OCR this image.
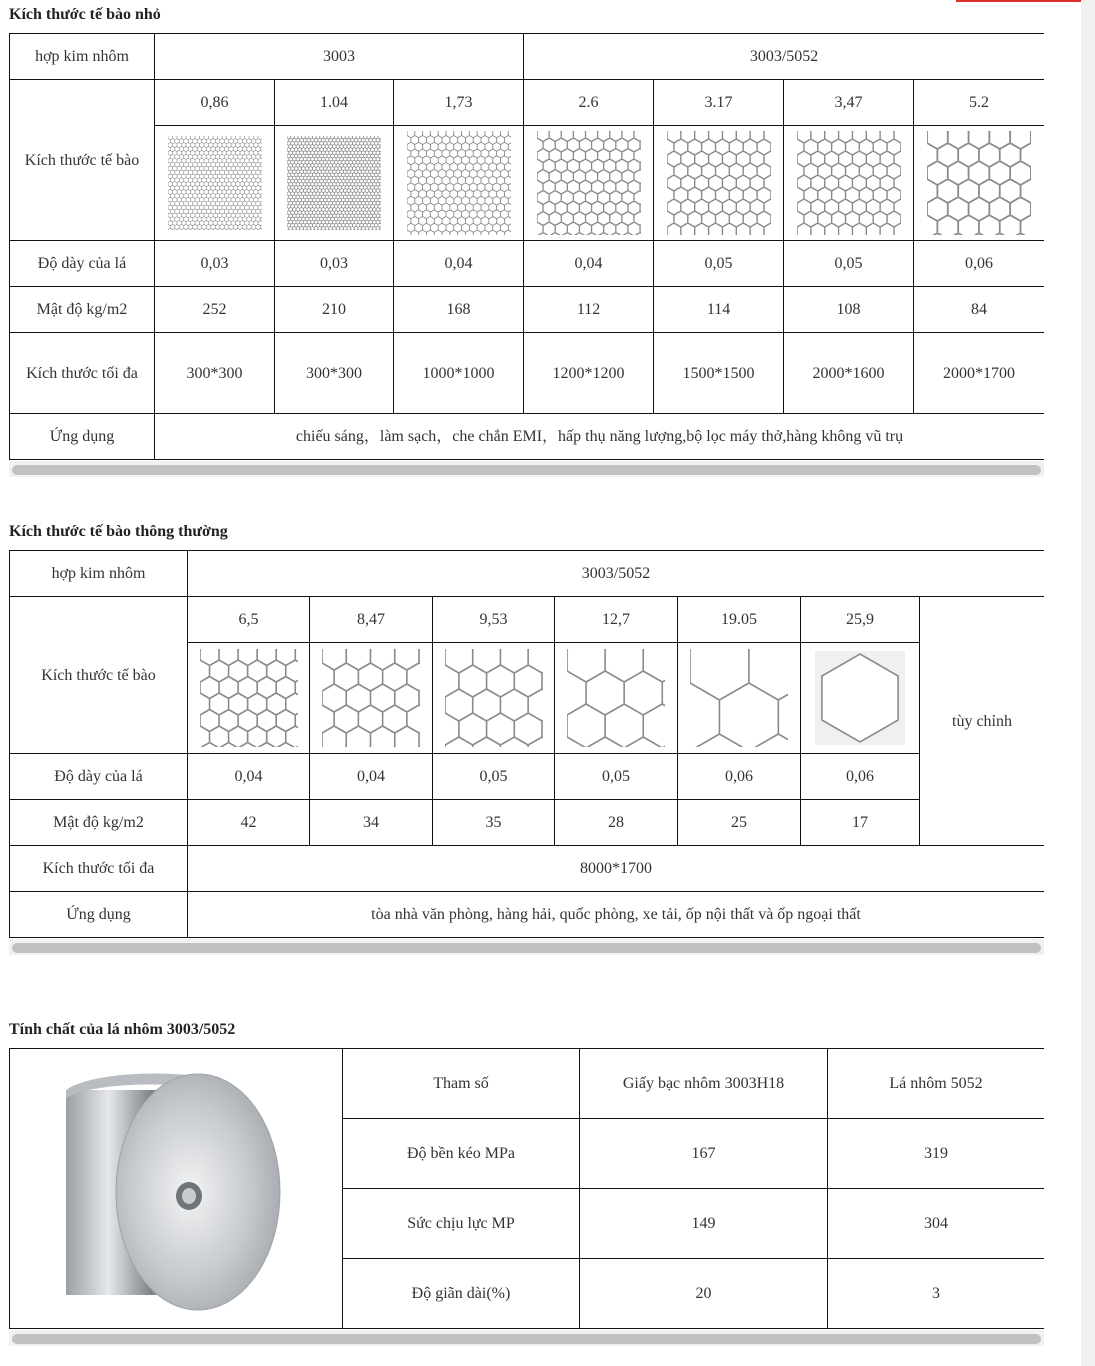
Kích thước tế bào nhỏ
hợp kim nhôm	3003			3003/5052			
Kích thước tế bào	0,86	1.04	1,73	2.6	3.17	3,47	5.2

Độ dày của lá	0,03	0,03	0,04	0,04	0,05	0,05	0,06
Mật độ kg/m2	252	210	168	112	114	108	84
Kích thước tối đa	300*300	300*300	1000*1000	1200*1200	1500*1500	2000*1600	2000*1700
Ứng dụng	chiếu sáng，làm sạch，che chắn EMI，hấp thụ năng lượng,bộ lọc máy thở,hàng không vũ trụ						
Kích thước tế bào thông thường
hợp kim nhôm	3003/5052						
Kích thước tế bào	6,5	8,47	9,53	12,7	19.05	25,9	tùy chỉnh

Độ dày của lá	0,04	0,04	0,05	0,05	0,06	0,06	
Mật độ kg/m2	42	34	35	28	25	17	
Kích thước tối đa	8000*1700						
Ứng dụng	tòa nhà văn phòng, hàng hải, quốc phòng, xe tải, ốp nội thất và ốp ngoại thất						
Tính chất của lá nhôm 3003/5052
	Tham số	Giấy bạc nhôm 3003H18	Lá nhôm 5052
	Độ bền kéo MPa	167	319
	Sức chịu lực MP	149	304
	Độ giãn dài(%)	20	3
